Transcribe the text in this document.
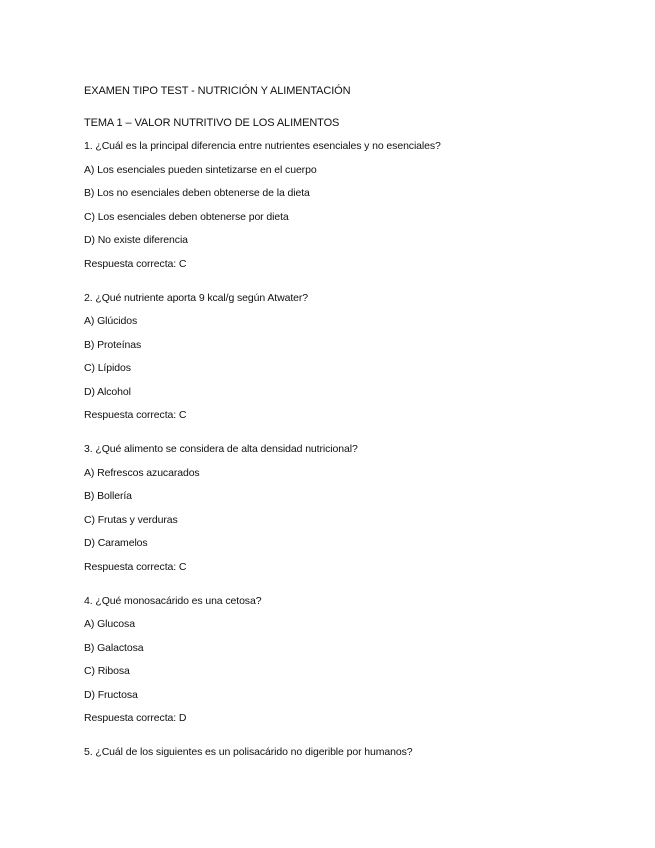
EXAMEN TIPO TEST - NUTRICIÓN Y ALIMENTACIÓN
TEMA 1 – VALOR NUTRITIVO DE LOS ALIMENTOS
1. ¿Cuál es la principal diferencia entre nutrientes esenciales y no esenciales?
A) Los esenciales pueden sintetizarse en el cuerpo
B) Los no esenciales deben obtenerse de la dieta
C) Los esenciales deben obtenerse por dieta
D) No existe diferencia
Respuesta correcta: C
2. ¿Qué nutriente aporta 9 kcal/g según Atwater?
A) Glúcidos
B) Proteínas
C) Lípidos
D) Alcohol
Respuesta correcta: C
3. ¿Qué alimento se considera de alta densidad nutricional?
A) Refrescos azucarados
B) Bollería
C) Frutas y verduras
D) Caramelos
Respuesta correcta: C
4. ¿Qué monosacárido es una cetosa?
A) Glucosa
B) Galactosa
C) Ribosa
D) Fructosa
Respuesta correcta: D
5. ¿Cuál de los siguientes es un polisacárido no digerible por humanos?
